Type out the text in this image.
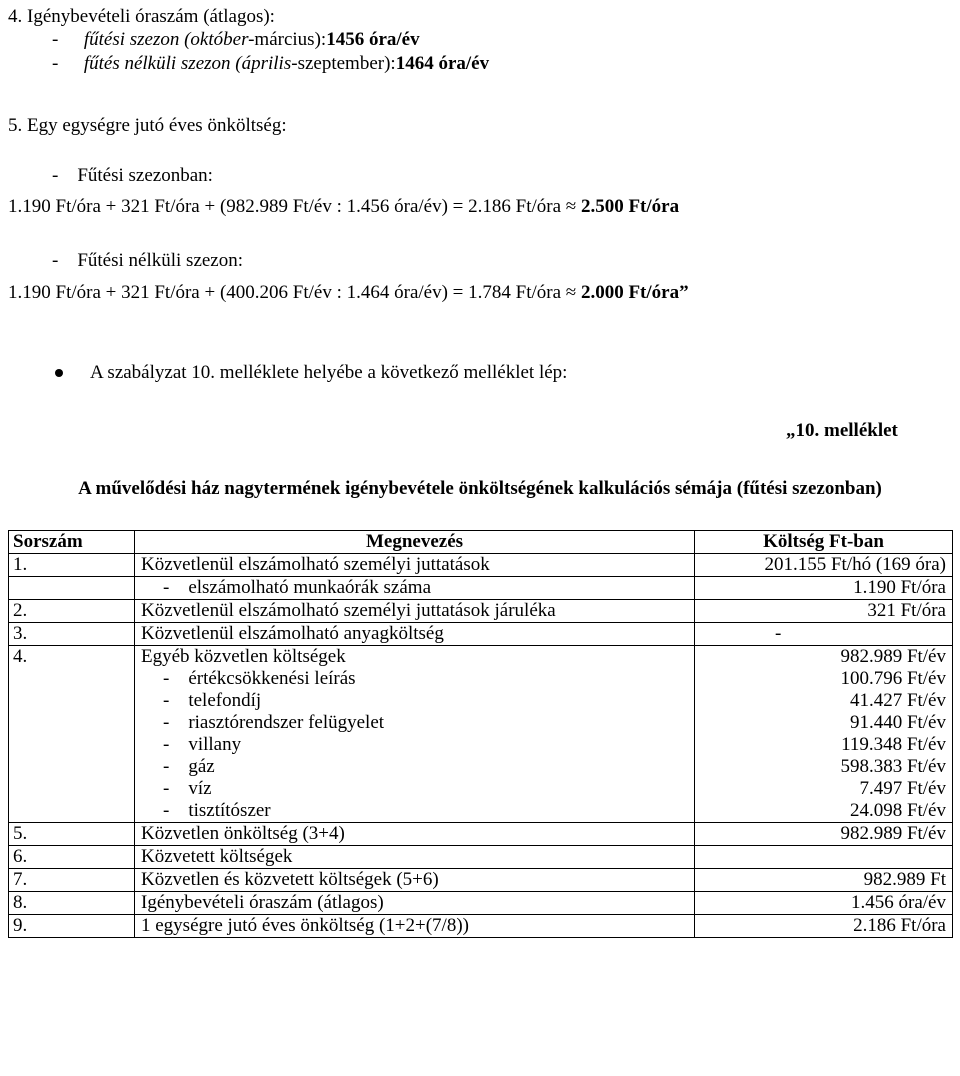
4. Igénybevételi óraszám (átlagos):
- fűtési szezon (október-március):1456 óra/év
- fűtés nélküli szezon (április-szeptember):1464 óra/év
5. Egy egységre jutó éves önköltség:
-    Fűtési szezonban:
1.190 Ft/óra + 321 Ft/óra + (982.989 Ft/év : 1.456 óra/év) = 2.186 Ft/óra ≈ 2.500 Ft/óra
-    Fűtési nélküli szezon:
1.190 Ft/óra + 321 Ft/óra + (400.206 Ft/év : 1.464 óra/év) = 1.784 Ft/óra ≈ 2.000 Ft/óra”
A szabályzat 10. melléklete helyébe a következő melléklet lép:
„10. melléklet
A művelődési ház nagytermének igénybevétele önköltségének kalkulációs sémája (fűtési szezonban)
Sorszám	Megnevezés	Költség Ft-ban
1.	Közvetlenül elszámolható személyi juttatások	201.155 Ft/hó (169 óra)
	-    elszámolható munkaórák száma	1.190 Ft/óra
2.	Közvetlenül elszámolható személyi juttatások járuléka	321 Ft/óra
3.	Közvetlenül elszámolható anyagköltség	-
4.	Egyéb közvetlen költségek	982.989 Ft/év
	-    értékcsökkenési leírás	100.796 Ft/év
	-    telefondíj	41.427 Ft/év
	-    riasztórendszer felügyelet	91.440 Ft/év
	-    villany	119.348 Ft/év
	-    gáz	598.383 Ft/év
	-    víz	7.497 Ft/év
	-    tisztítószer	24.098 Ft/év
5.	Közvetlen önköltség (3+4)	982.989 Ft/év
6.	Közvetett költségek	
7.	Közvetlen és közvetett költségek (5+6)	982.989 Ft
8.	Igénybevételi óraszám (átlagos)	1.456 óra/év
9.	1 egységre jutó éves önköltség (1+2+(7/8))	2.186 Ft/óra
